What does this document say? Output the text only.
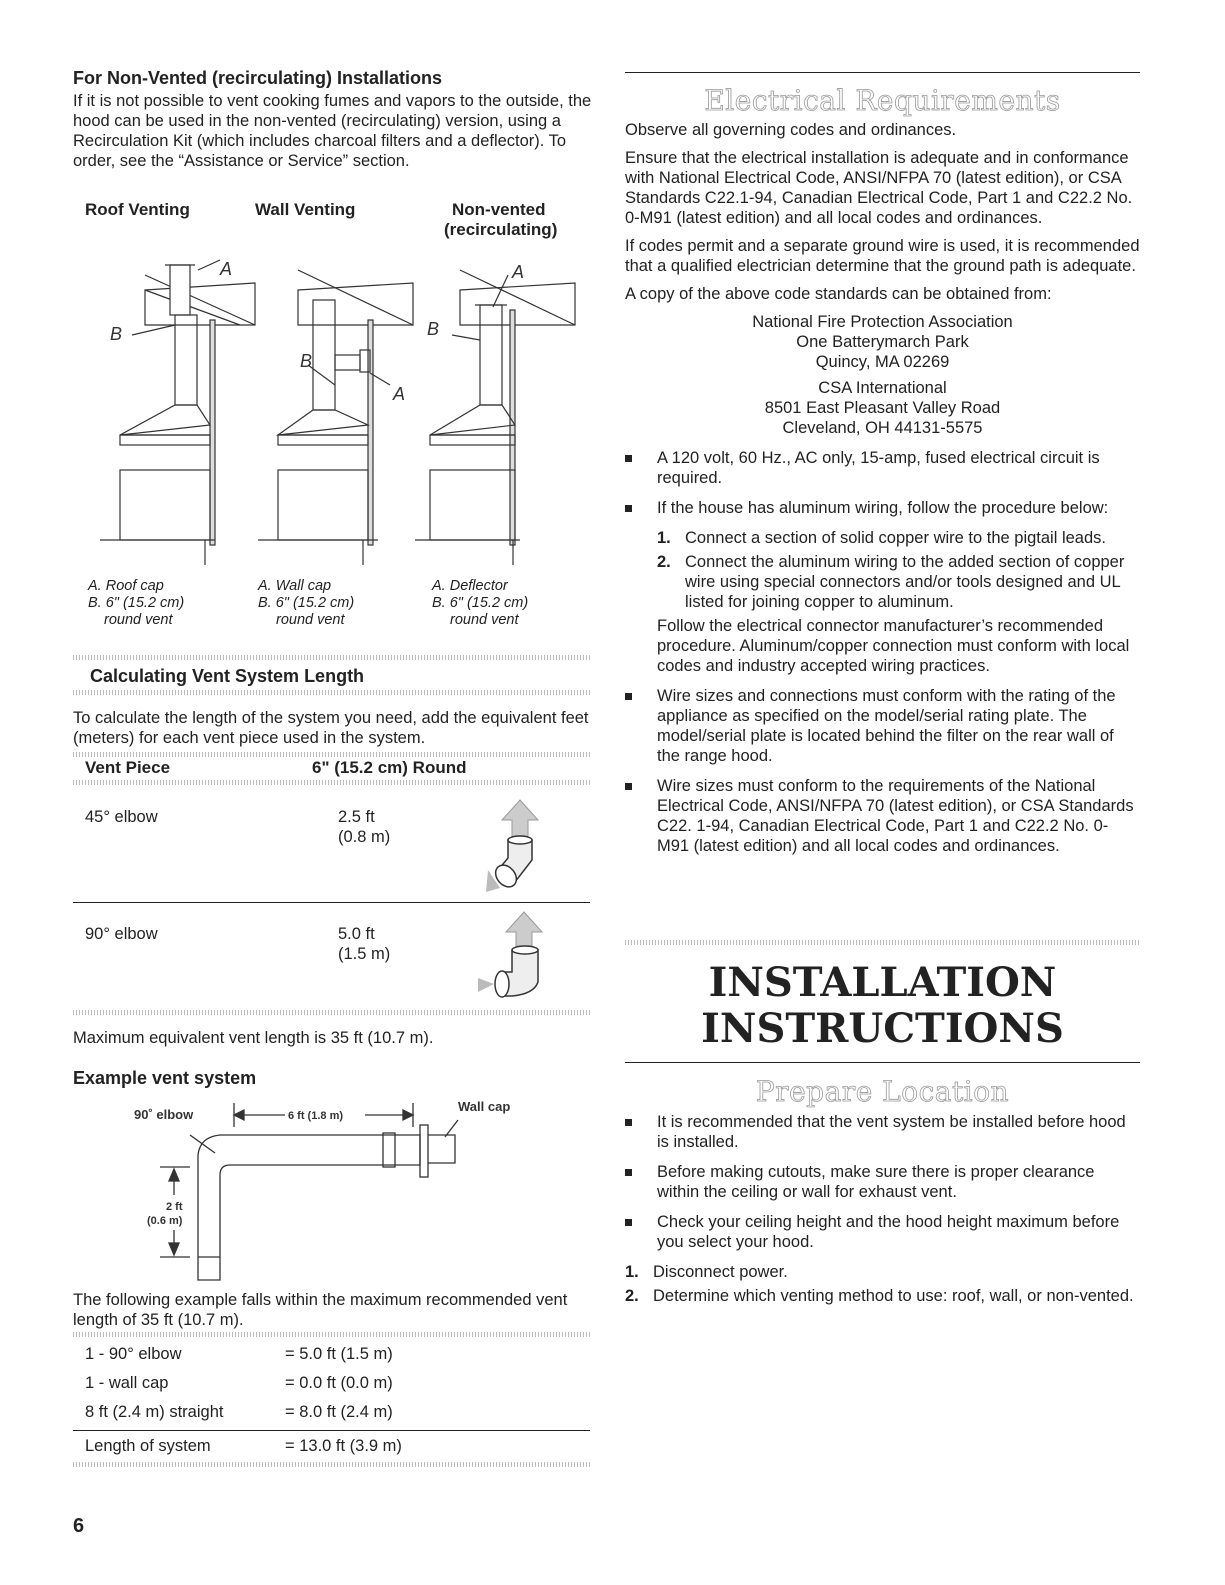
For Non-Vented (recirculating) Installations

If it is not possible to vent cooking fumes and vapors to the outside, the hood can be used in the non-vented (recirculating) version, using a Recirculation Kit (which includes charcoal filters and a deflector). To order, see the “Assistance or Service” section.

Roof Venting	Wall Venting	Non-vented
(recirculating)
A
B
B
A
B
A
A. Roof cap
B. 6" (15.2 cm)
round vent
A. Wall cap
B. 6" (15.2 cm)
round vent
A. Deflector
B. 6" (15.2 cm)
round vent
Calculating Vent System Length

To calculate the length of the system you need, add the equivalent feet (meters) for each vent piece used in the system.

Vent Piece	6" (15.2 cm) Round
45° elbow	2.5 ft
(0.8 m)
90° elbow	5.0 ft
(1.5 m)

Maximum equivalent vent length is 35 ft (10.7 m).

Example vent system
90˚ elbow	6 ft (1.8 m)
Wall cap
2 ft
(0.6 m)

The following example falls within the maximum recommended vent length of 35 ft (10.7 m).

1 - 90° elbow	= 5.0 ft (1.5 m)
1 - wall cap	= 0.0 ft (0.0 m)
8 ft (2.4 m) straight	= 8.0 ft (2.4 m)
Length of system	= 13.0 ft (3.9 m)
6
Electrical Requirements

Observe all governing codes and ordinances.

Ensure that the electrical installation is adequate and in conformance with National Electrical Code, ANSI/NFPA 70 (latest edition), or CSA Standards C22.1-94, Canadian Electrical Code, Part 1 and C22.2 No. 0-M91 (latest edition) and all local codes and ordinances.

If codes permit and a separate ground wire is used, it is recommended that a qualified electrician determine that the ground path is adequate.

A copy of the above code standards can be obtained from:

National Fire Protection Association
One Batterymarch Park
Quincy, MA 02269
CSA International
8501 East Pleasant Valley Road
Cleveland, OH 44131-5575
A 120 volt, 60 Hz., AC only, 15-amp, fused electrical circuit is required.
If the house has aluminum wiring, follow the procedure below:
1. Connect a section of solid copper wire to the pigtail leads.
2. Connect the aluminum wiring to the added section of copper wire using special connectors and/or tools designed and UL listed for joining copper to aluminum.

Follow the electrical connector manufacturer’s recommended procedure. Aluminum/copper connection must conform with local codes and industry accepted wiring practices.

Wire sizes and connections must conform with the rating of the appliance as specified on the model/serial rating plate. The model/serial plate is located behind the filter on the rear wall of the range hood.
Wire sizes must conform to the requirements of the National Electrical Code, ANSI/NFPA 70 (latest edition), or CSA Standards C22. 1-94, Canadian Electrical Code, Part 1 and C22.2 No. 0-M91 (latest edition) and all local codes and ordinances.
INSTALLATION
INSTRUCTIONS
Prepare Location
It is recommended that the vent system be installed before hood is installed.
Before making cutouts, make sure there is proper clearance within the ceiling or wall for exhaust vent.
Check your ceiling height and the hood height maximum before you select your hood.
1. Disconnect power.
2. Determine which venting method to use: roof, wall, or non-vented.
